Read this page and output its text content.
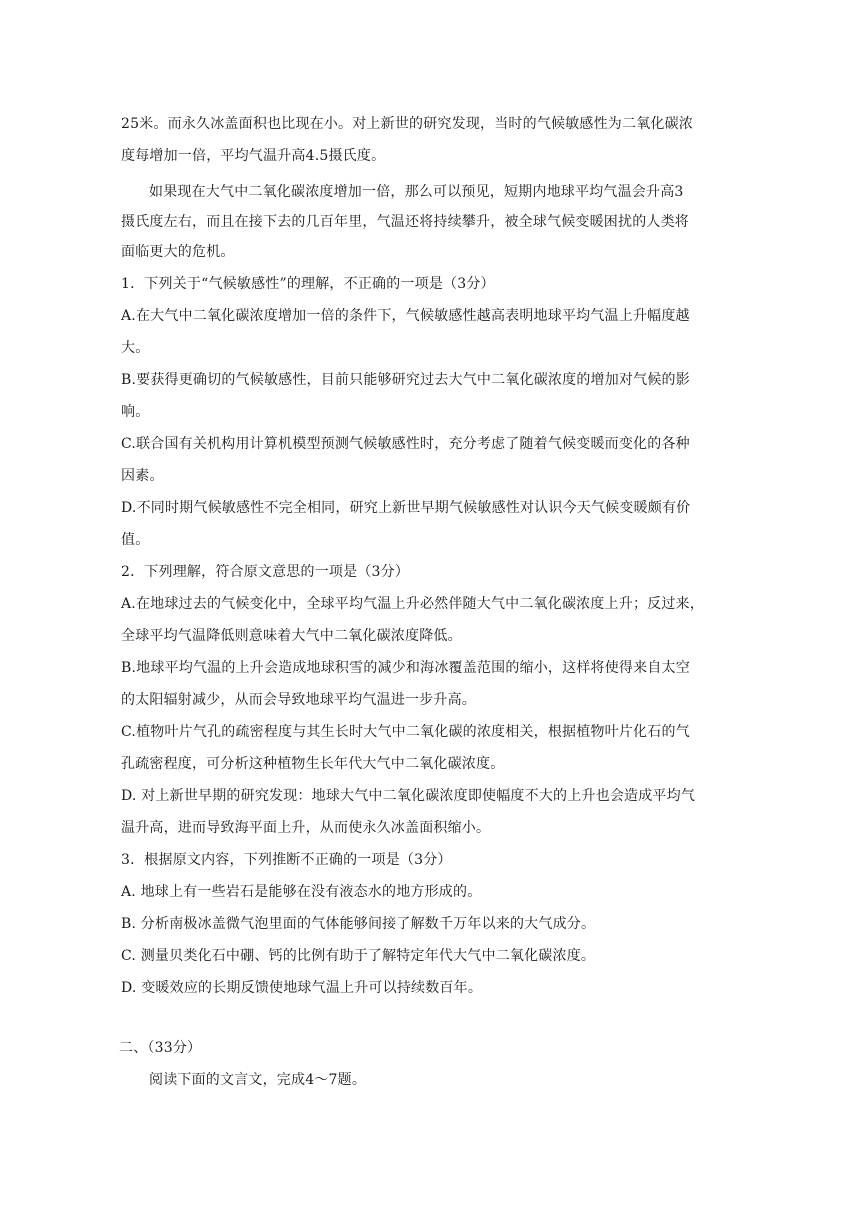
25米。而永久冰盖面积也比现在小。对上新世的研究发现，当时的气候敏感性为二氧化碳浓
度每增加一倍，平均气温升高4.5摄氏度。
如果现在大气中二氧化碳浓度增加一倍，那么可以预见，短期内地球平均气温会升高3
摄氏度左右，而且在接下去的几百年里，气温还将持续攀升，被全球气候变暖困扰的人类将
面临更大的危机。
1．下列关于“气候敏感性”的理解，不正确的一项是（3分）
A.在大气中二氧化碳浓度增加一倍的条件下，气候敏感性越高表明地球平均气温上升幅度越
大。
B.要获得更确切的气候敏感性，目前只能够研究过去大气中二氧化碳浓度的增加对气候的影
响。
C.联合国有关机构用计算机模型预测气候敏感性时，充分考虑了随着气候变暖而变化的各种
因素。
D.不同时期气候敏感性不完全相同，研究上新世早期气候敏感性对认识今天气候变暖颇有价
值。
2．下列理解，符合原文意思的一项是（3分）
A.在地球过去的气候变化中，全球平均气温上升必然伴随大气中二氧化碳浓度上升；反过来，
全球平均气温降低则意味着大气中二氧化碳浓度降低。
B.地球平均气温的上升会造成地球积雪的减少和海冰覆盖范围的缩小，这样将使得来自太空
的太阳辐射减少，从而会导致地球平均气温进一步升高。
C.植物叶片气孔的疏密程度与其生长时大气中二氧化碳的浓度相关，根据植物叶片化石的气
孔疏密程度，可分析这种植物生长年代大气中二氧化碳浓度。
D. 对上新世早期的研究发现：地球大气中二氧化碳浓度即使幅度不大的上升也会造成平均气
温升高，进而导致海平面上升，从而使永久冰盖面积缩小。
3．根据原文内容，下列推断不正确的一项是（3分）
A. 地球上有一些岩石是能够在没有液态水的地方形成的。
B. 分析南极冰盖微气泡里面的气体能够间接了解数千万年以来的大气成分。
C. 测量贝类化石中硼、钙的比例有助于了解特定年代大气中二氧化碳浓度。
D. 变暖效应的长期反馈使地球气温上升可以持续数百年。
二、（33分）
阅读下面的文言文，完成4～7题。
